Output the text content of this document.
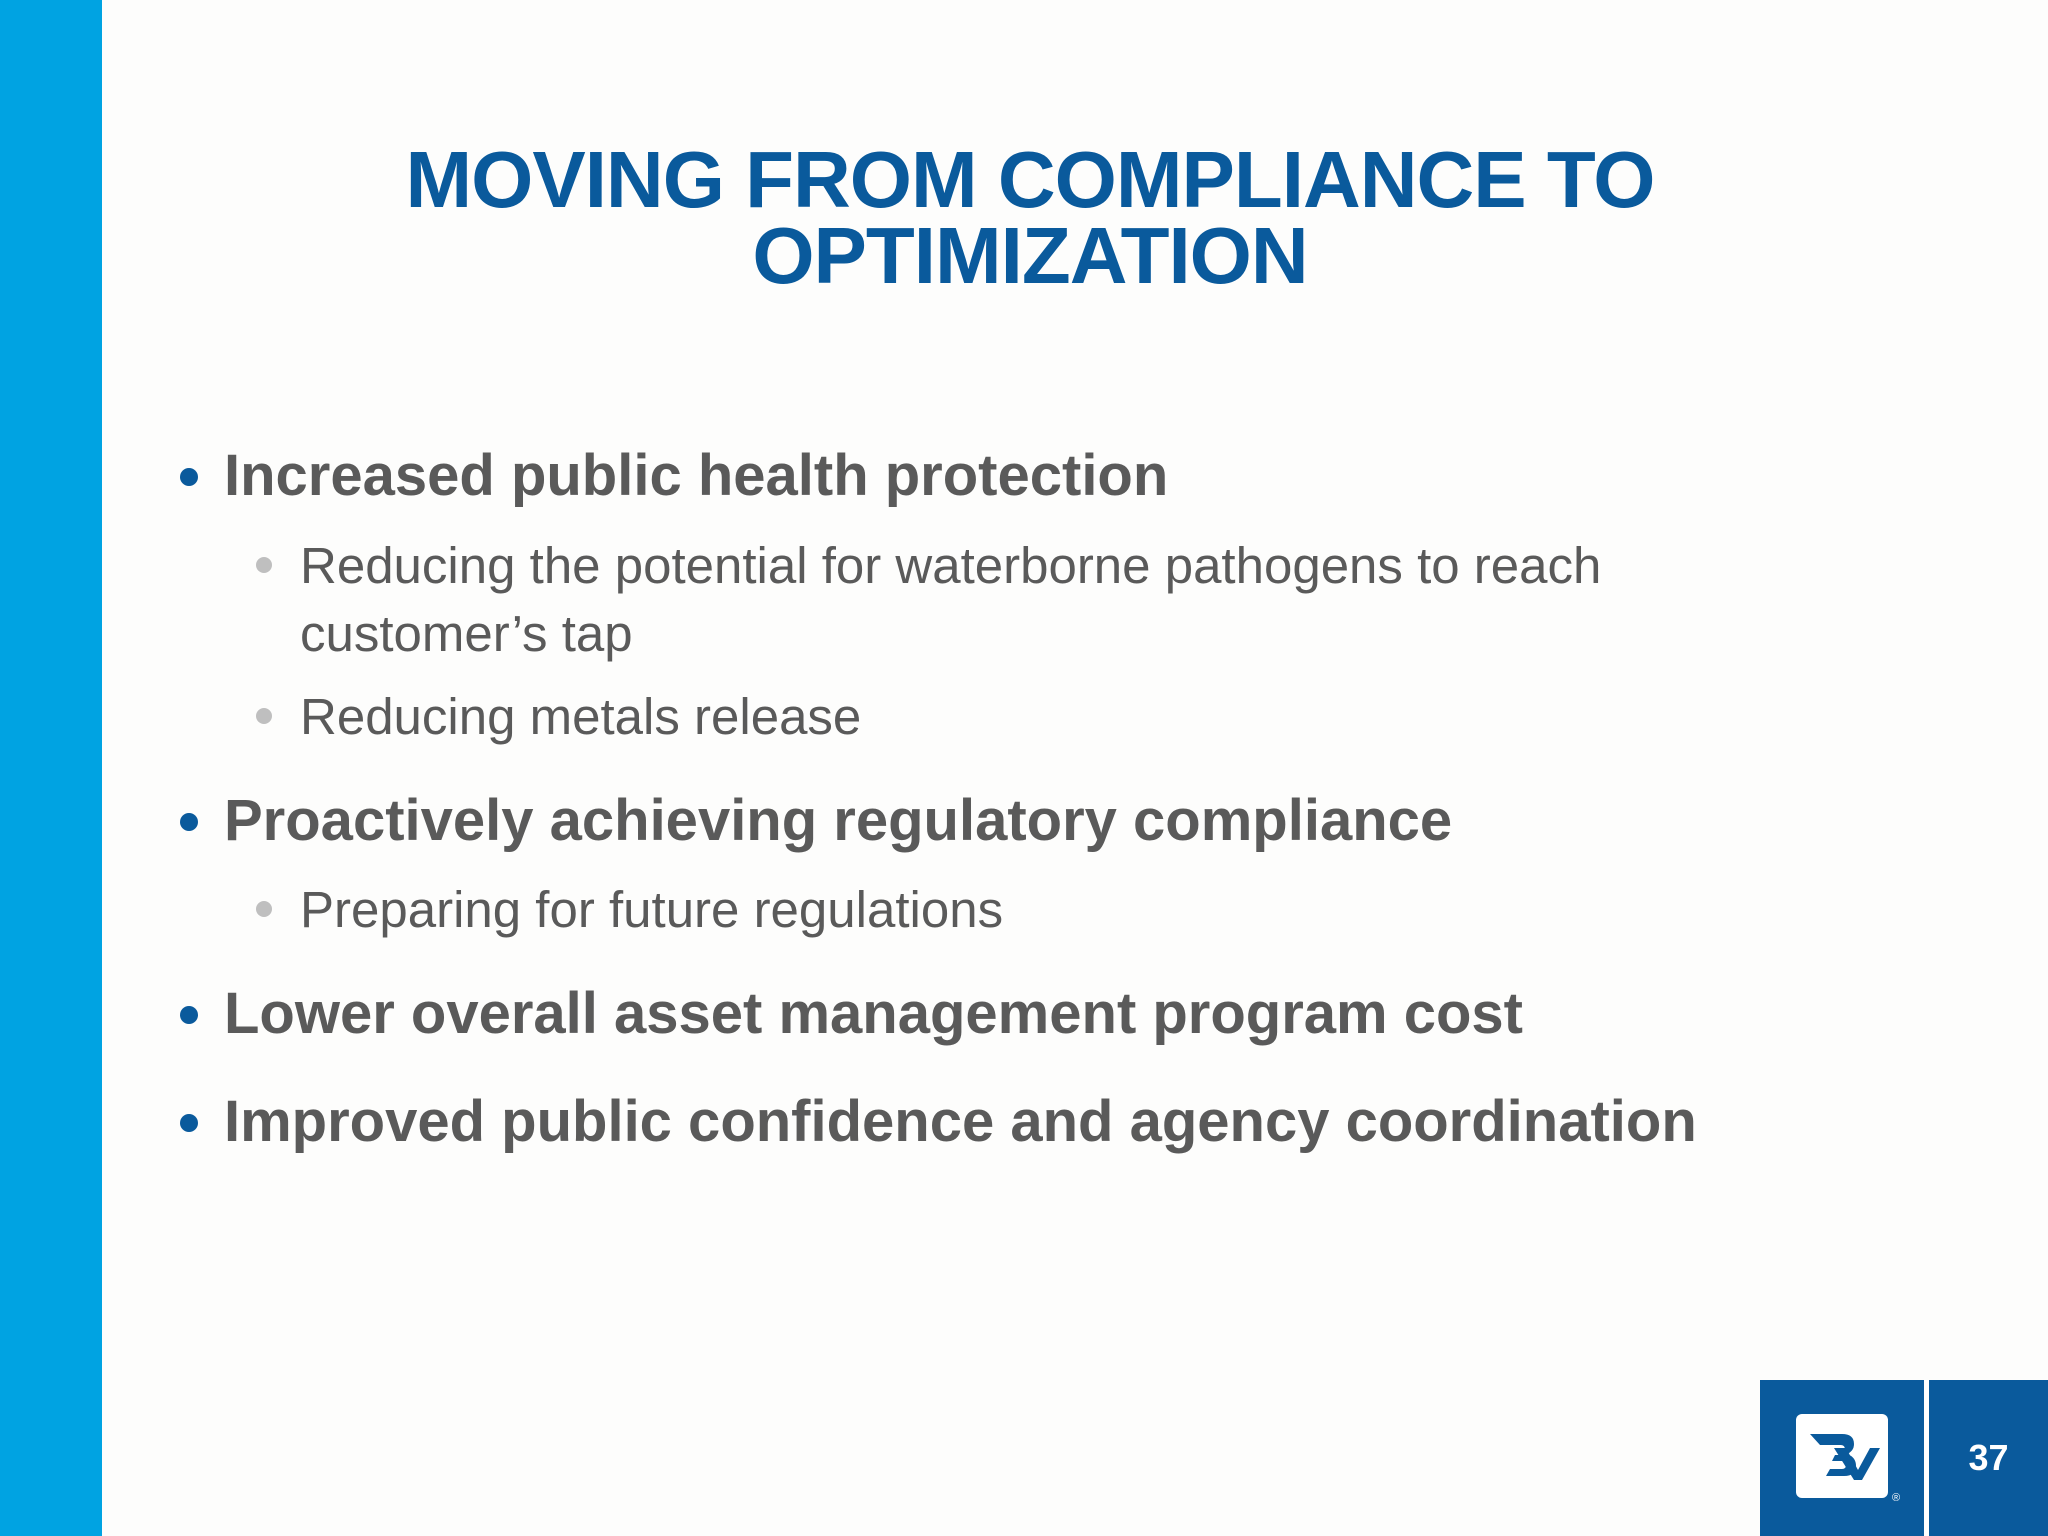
MOVING FROM COMPLIANCE TO
OPTIMIZATION
Increased public health protection
Reducing the potential for waterborne pathogens to reach
customer’s tap
Reducing metals release
Proactively achieving regulatory compliance
Preparing for future regulations
Lower overall asset management program cost
Improved public confidence and agency coordination
®
37
